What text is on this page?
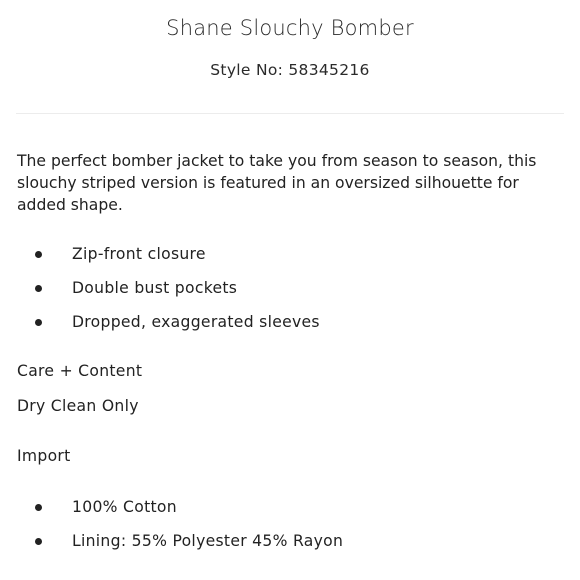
Shane Slouchy Bomber
Style No: 58345216
The perfect bomber jacket to take you from season to season, this slouchy striped version is featured in an oversized silhouette for added shape.
Zip-front closure
Double bust pockets
Dropped, exaggerated sleeves
Care + Content
Dry Clean Only
Import
100% Cotton
Lining: 55% Polyester 45% Rayon
